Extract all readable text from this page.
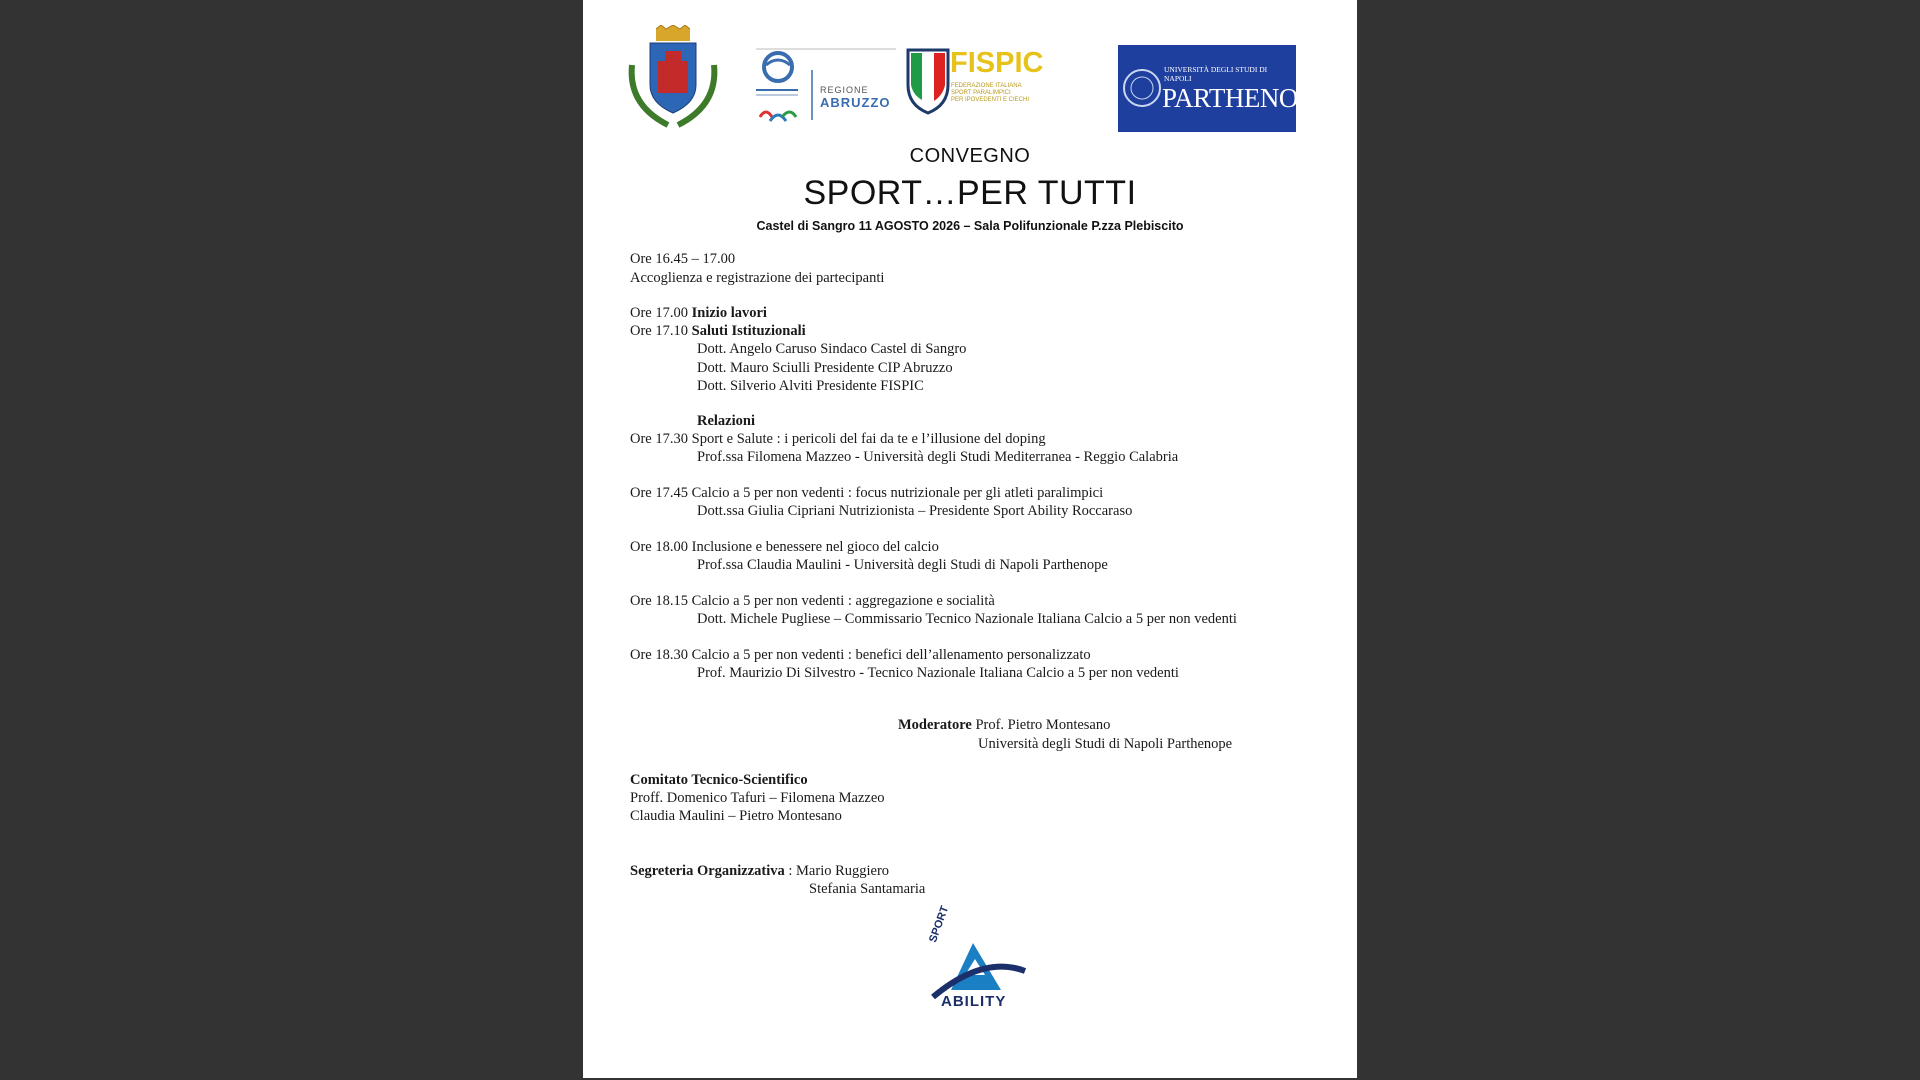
REGIONE
ABRUZZO
FISPIC
FEDERAZIONE ITALIANA
SPORT PARALIMPICI
PER IPOVEDENTI E CIECHI
UNIVERSITÀ DEGLI STUDI DI NAPOLI
PARTHENOPE
CONVEGNO
SPORT…PER TUTTI
Castel di Sangro 11 AGOSTO 2026 – Sala Polifunzionale P.zza Plebiscito
Ore 16.45 – 17.00
Accoglienza e registrazione dei partecipanti
Ore 17.00 Inizio lavori
Ore 17.10 Saluti Istituzionali
Dott. Angelo Caruso Sindaco Castel di Sangro
Dott. Mauro Sciulli Presidente CIP Abruzzo
Dott. Silverio Alviti Presidente FISPIC
Relazioni
Ore 17.30 Sport e Salute : i pericoli del fai da te e l’illusione del doping
Prof.ssa Filomena Mazzeo - Università degli Studi Mediterranea - Reggio Calabria
Ore 17.45 Calcio a 5 per non vedenti : focus nutrizionale per gli atleti paralimpici
Dott.ssa Giulia Cipriani Nutrizionista – Presidente Sport Ability Roccaraso
Ore 18.00 Inclusione e benessere nel gioco del calcio
Prof.ssa Claudia Maulini - Università degli Studi di Napoli Parthenope
Ore 18.15 Calcio a 5 per non vedenti : aggregazione e socialità
Dott. Michele Pugliese – Commissario Tecnico Nazionale Italiana Calcio a 5 per non vedenti
Ore 18.30 Calcio a 5 per non vedenti : benefici dell’allenamento personalizzato
Prof. Maurizio Di Silvestro - Tecnico Nazionale Italiana Calcio a 5 per non vedenti
Moderatore Prof. Pietro Montesano
Università degli Studi di Napoli Parthenope
Comitato Tecnico-Scientifico
Proff. Domenico Tafuri – Filomena Mazzeo
Claudia Maulini – Pietro Montesano
Segreteria Organizzativa : Mario Ruggiero
Stefania Santamaria
SPORT
ABILITY
